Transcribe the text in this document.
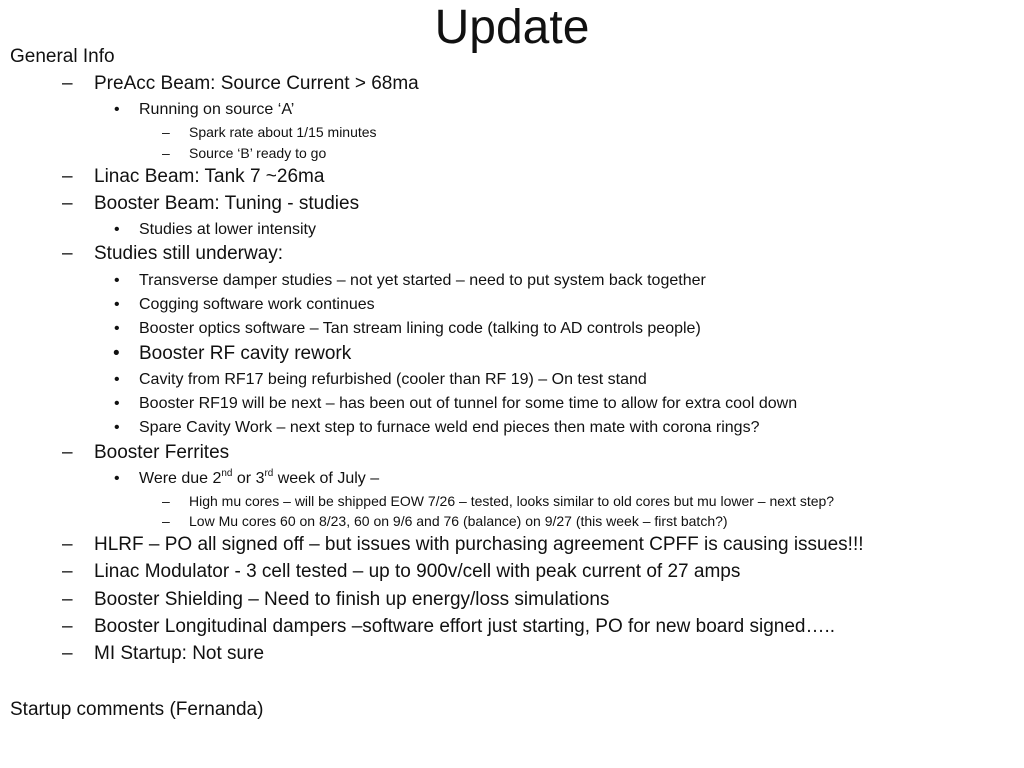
Update
General Info
– PreAcc Beam: Source Current > 68ma
• Running on source ‘A’
– Spark rate about 1/15 minutes
– Source ‘B’ ready to go
– Linac Beam: Tank 7 ~26ma
– Booster Beam: Tuning - studies
• Studies at lower intensity
– Studies still underway:
• Transverse damper studies – not yet started – need to put system back together
• Cogging software work continues
• Booster optics software – Tan stream lining code (talking to AD controls people)
• Booster RF cavity rework
• Cavity from RF17 being refurbished (cooler than RF 19) – On test stand
• Booster RF19 will be next – has been out of tunnel for some time to allow for extra cool down
• Spare Cavity Work – next step to furnace weld end pieces then mate with corona rings?
– Booster Ferrites
• Were due 2nd or 3rd week of July –
– High mu cores – will be shipped EOW 7/26 – tested, looks similar to old cores but mu lower – next step?
– Low Mu cores 60 on 8/23, 60 on 9/6 and 76 (balance) on 9/27 (this week – first batch?)
– HLRF – PO all signed off – but issues with purchasing agreement CPFF is causing issues!!!
– Linac Modulator - 3 cell tested – up to 900v/cell with peak current of 27 amps
– Booster Shielding – Need to finish up energy/loss simulations
– Booster Longitudinal dampers –software effort just starting, PO for new board signed…..
– MI Startup: Not sure
Startup comments (Fernanda)
